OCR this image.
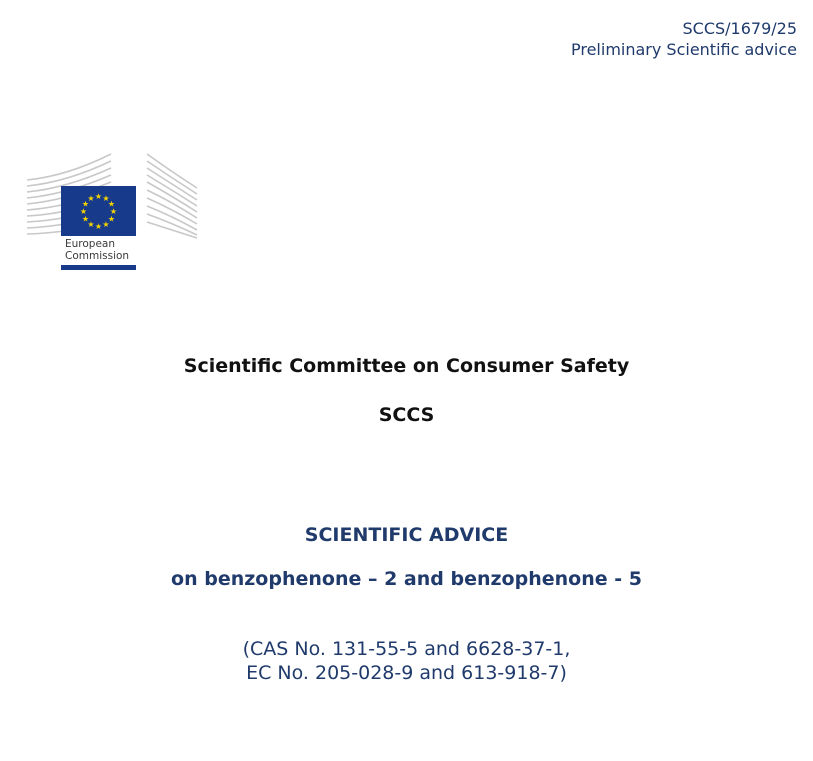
SCCS/1679/25
Preliminary Scientific advice
★ ★
★
★
★
★
★
★
★
★
★
★
European
Commission
Scientific Committee on Consumer Safety
SCCS
SCIENTIFIC ADVICE
on benzophenone – 2 and benzophenone - 5
(CAS No. 131-55-5 and 6628-37-1,
EC No. 205-028-9 and 613-918-7)
